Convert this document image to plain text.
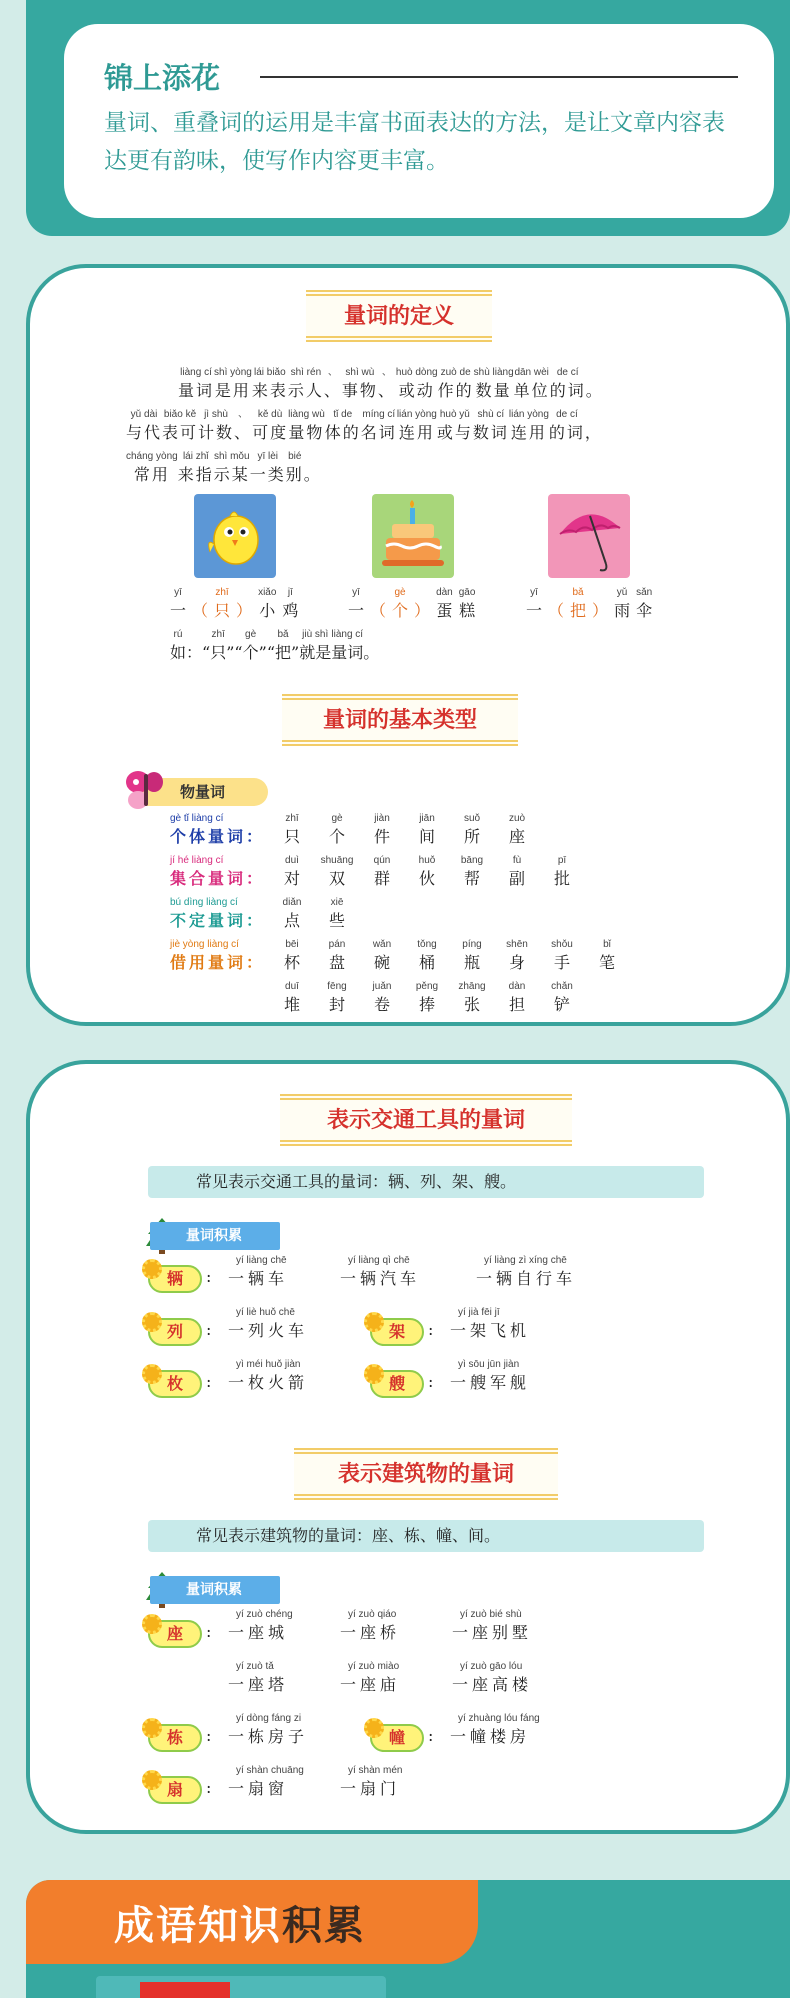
锦上添花
量词、重叠词的运用是丰富书面表达的方法，是让文章内容表达更有韵味，使写作内容更丰富。
量词的定义
liàng cí
量词
shì yòng
是用
lái biǎo
来表
shì rén
示人
、
、
shì wù
事物
、
、
huò dòng
或动
zuò de
作的
shù liàng
数量
dān wèi
单位
de cí
的词 。
yǔ dài
与代
biǎo kě
表可
jì shù
计数
、
、
kě dù
可度
liàng wù
量物
tǐ de
体的
míng cí
名词
lián yòng
连用
huò yǔ
或与
shù cí
数词
lián yòng
连用
de cí
的词 ，
cháng yòng
常用
lái zhǐ
来指
shì mǒu
示某
yī lèi
一类
bié
别 。
yī
一 （
zhī
只 ）
xiǎo
小
jī
鸡
yī
一 （
gè
个 ）
dàn
蛋
gāo
糕
yī
一 （
bǎ
把 ）
yǔ
雨
sǎn
伞
rú
如 ： “
zhī
只 ” “
gè
个 ” “
bǎ
把 ”
jiù shì
就是
liàng cí
量词 。
量词的基本类型
物量词
gè tǐ liàng cí
个体量词：
zhī
只
gè
个
jiàn
件
jiān
间
suǒ
所
zuò
座
jí hé liàng cí
集合量词：
duì
对
shuāng
双
qún
群
huǒ
伙
bāng
帮
fù
副
pī
批
bú dìng liàng cí
不定量词：
diǎn
点
xiē
些
jiè yòng liàng cí
借用量词：
bēi
杯
pán
盘
wǎn
碗
tǒng
桶
píng
瓶
shēn
身
shǒu
手
bǐ
笔
duī
堆
fēng
封
juǎn
卷
pěng
捧
zhāng
张
dàn
担
chǎn
铲
表示交通工具的量词
常见表示交通工具的量词：辆、列、架、艘。
量词积累
辆	:
yí liàng chē
一辆车
yí liàng qì chē
一辆汽车
yí liàng zì xíng chē
一辆自行车
列	:
yí liè huǒ chē
一列火车	架	:
yí jià fēi jī
一架飞机
枚	:
yì méi huǒ jiàn
一枚火箭	艘	:
yì sōu jūn jiàn
一艘军舰
表示建筑物的量词
常见表示建筑物的量词：座、栋、幢、间。
量词积累
座	:
yí zuò chéng
一座城
yí zuò qiáo
一座桥
yí zuò bié shù
一座别墅
yí zuò tǎ
一座塔
yí zuò miào
一座庙
yí zuò gāo lóu
一座高楼
栋	:
yí dòng fáng zi
一栋房子	幢	:
yí zhuàng lóu fáng
一幢楼房
扇	:
yí shàn chuāng
一扇窗
yí shàn mén
一扇门
成语知识积累
